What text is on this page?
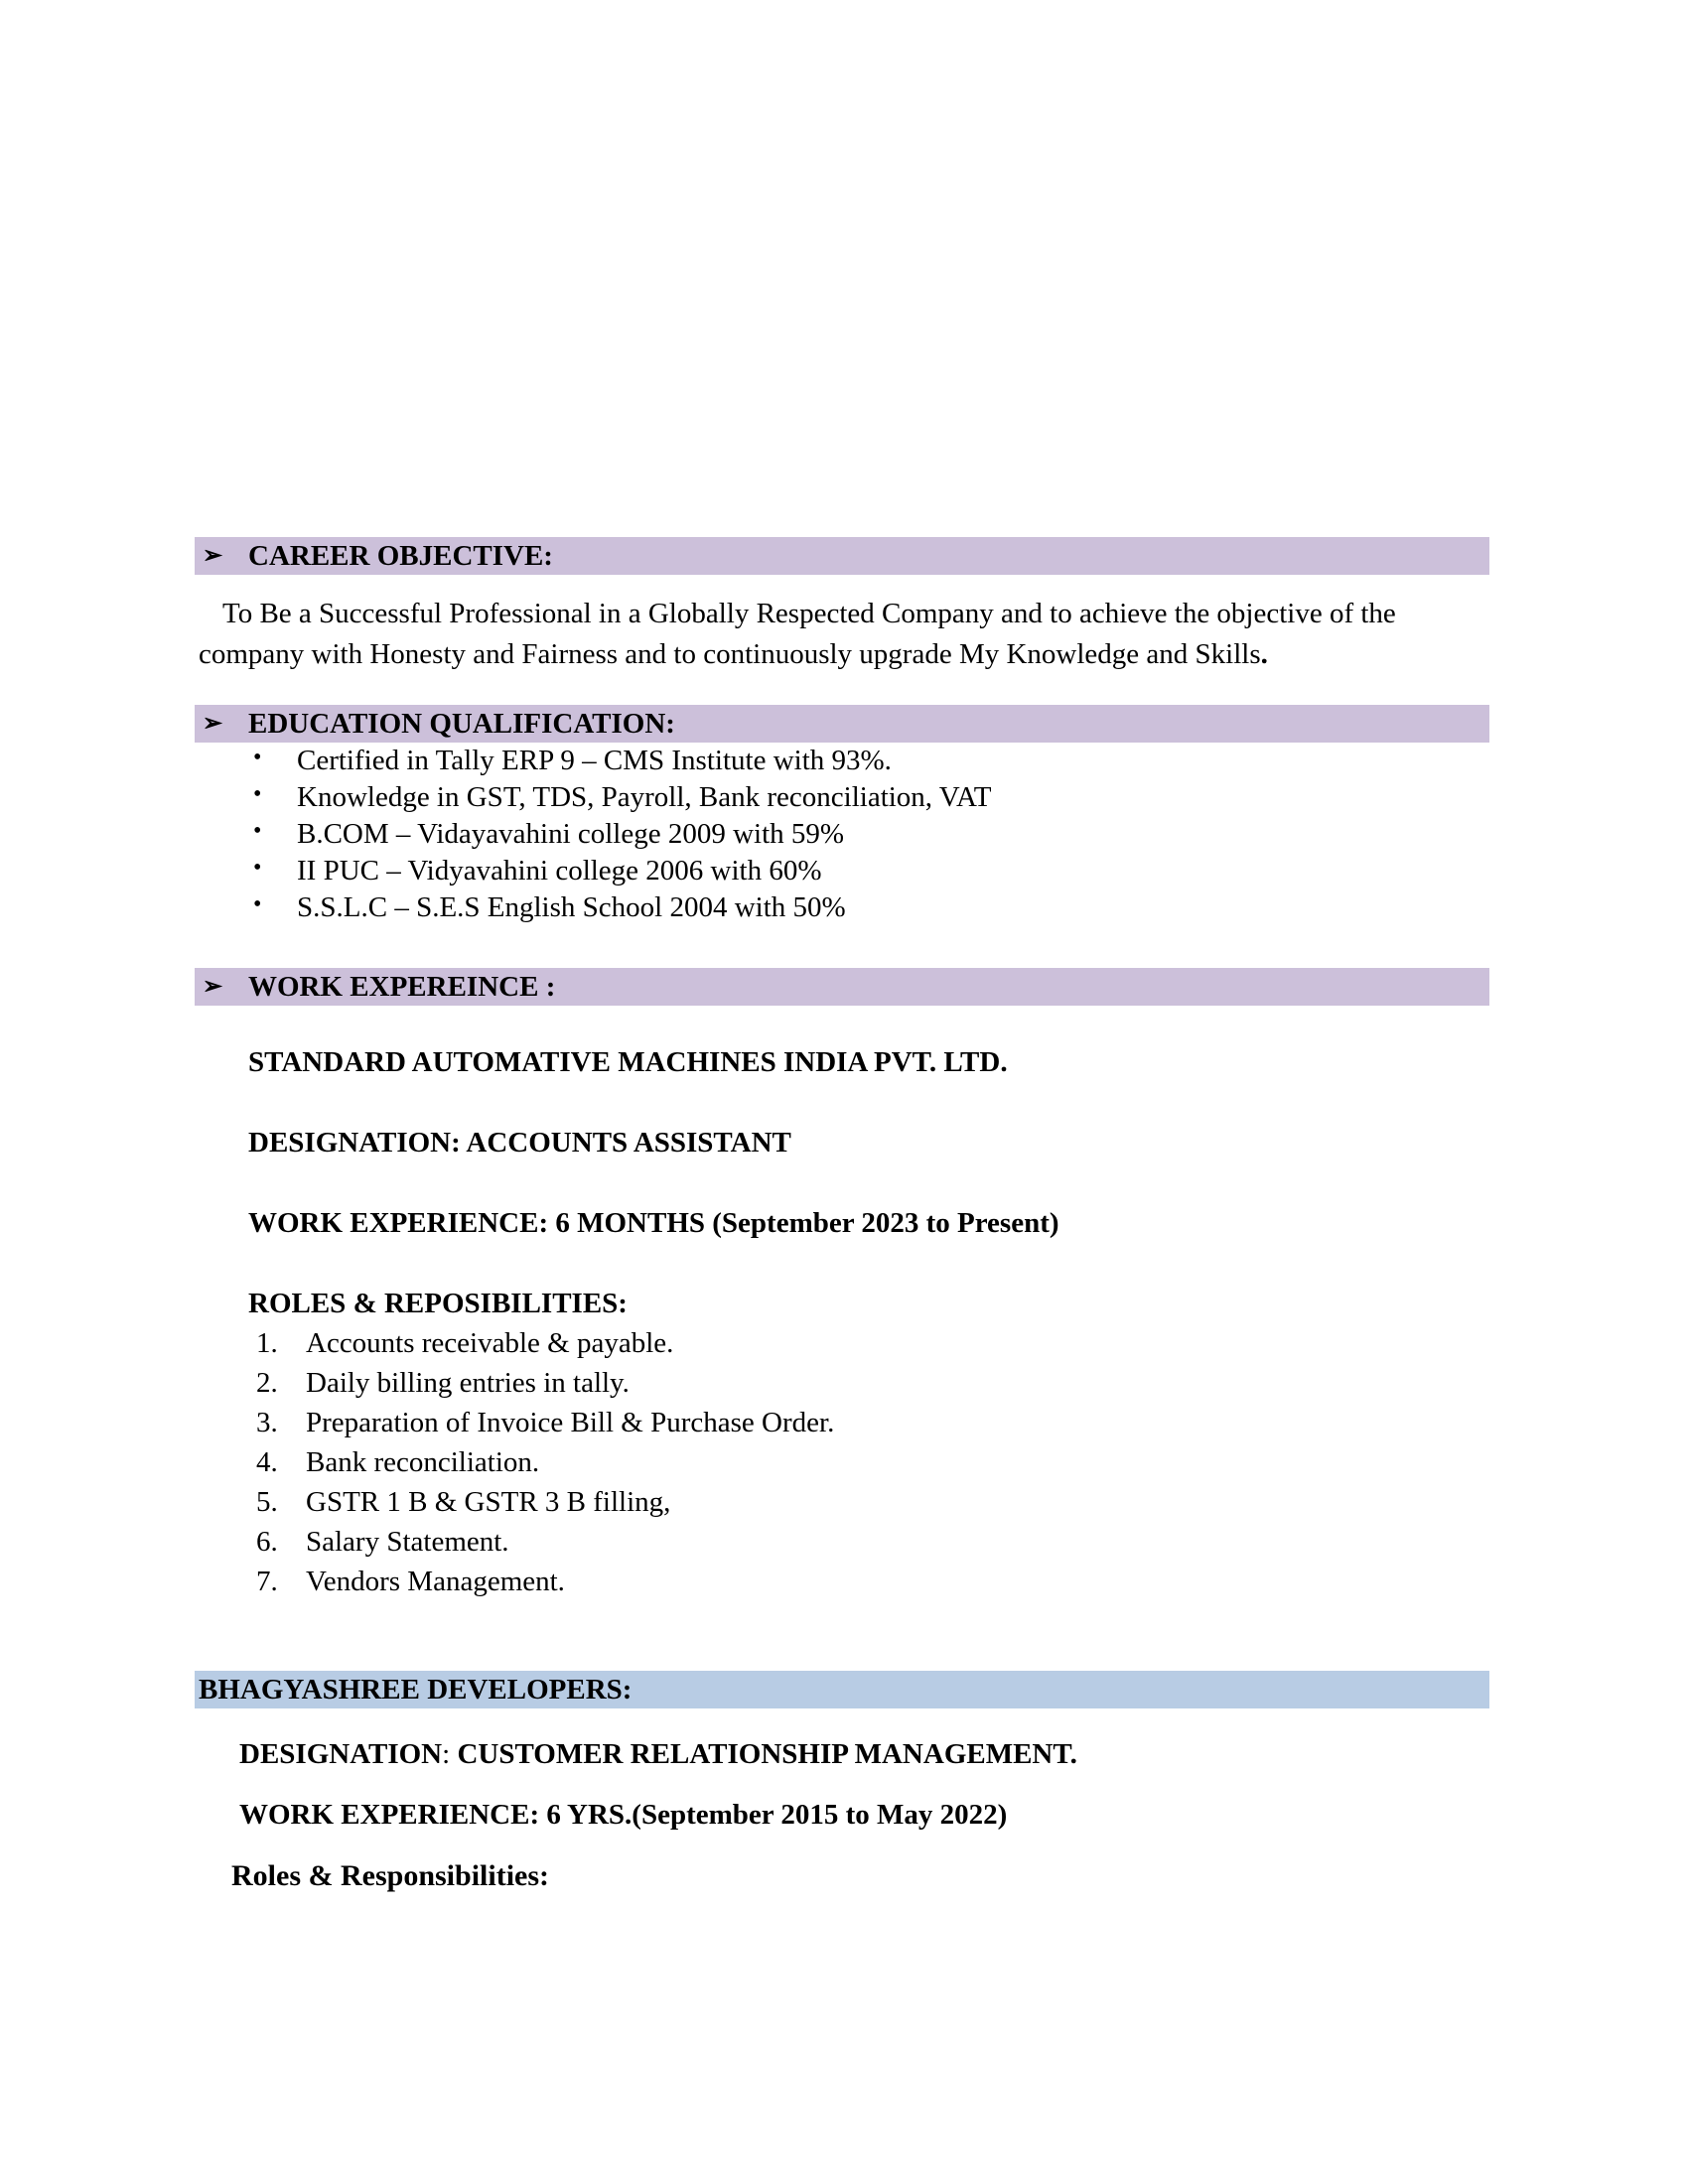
➢ CAREER OBJECTIVE:
To Be a Successful Professional in a Globally Respected Company and to achieve the objective of the
company with Honesty and Fairness and to continuously upgrade My Knowledge and Skills.
➢ EDUCATION QUALIFICATION:
• Certified in Tally ERP 9 – CMS Institute with 93%.
• Knowledge in GST, TDS, Payroll, Bank reconciliation, VAT
• B.COM – Vidayavahini college 2009 with 59%
• II PUC – Vidyavahini college 2006 with 60%
• S.S.L.C – S.E.S English School 2004 with 50%
➢ WORK EXPEREINCE :
STANDARD AUTOMATIVE MACHINES INDIA PVT. LTD.
DESIGNATION: ACCOUNTS ASSISTANT
WORK EXPERIENCE: 6 MONTHS (September 2023 to Present)
ROLES & REPOSIBILITIES:
1. Accounts receivable & payable.
2. Daily billing entries in tally.
3. Preparation of Invoice Bill & Purchase Order.
4. Bank reconciliation.
5. GSTR 1 B & GSTR 3 B filling,
6. Salary Statement.
7. Vendors Management.
BHAGYASHREE DEVELOPERS:
DESIGNATION: CUSTOMER RELATIONSHIP MANAGEMENT.
WORK EXPERIENCE: 6 YRS.(September 2015 to May 2022)
Roles & Responsibilities:
